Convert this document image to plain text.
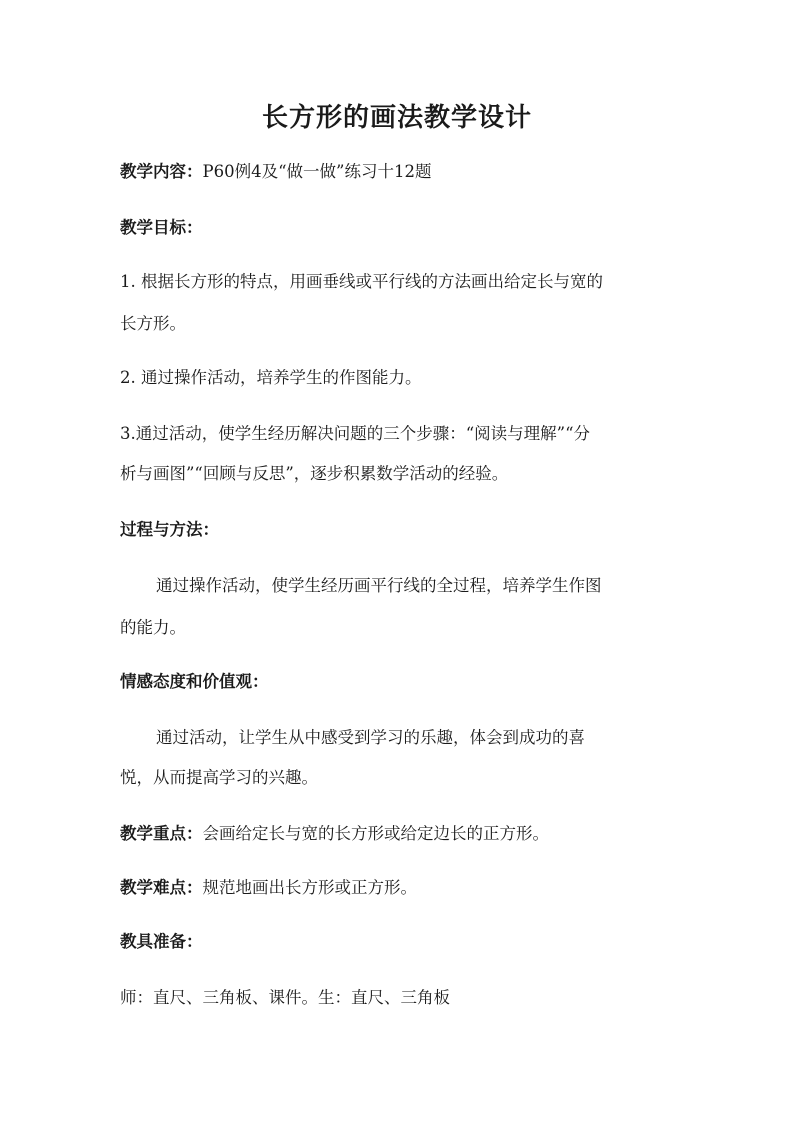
长方形的画法教学设计
教学内容：P60例4及“做一做”练习十12题
教学目标：
1. 根据长方形的特点，用画垂线或平行线的方法画出给定长与宽的
长方形。
2. 通过操作活动，培养学生的作图能力。
3.通过活动，使学生经历解决问题的三个步骤：“阅读与理解”“分
析与画图”“回顾与反思”，逐步积累数学活动的经验。
过程与方法：
通过操作活动，使学生经历画平行线的全过程，培养学生作图
的能力。
情感态度和价值观：
通过活动，让学生从中感受到学习的乐趣，体会到成功的喜
悦，从而提高学习的兴趣。
教学重点：会画给定长与宽的长方形或给定边长的正方形。
教学难点：规范地画出长方形或正方形。
教具准备：
师：直尺、三角板、课件。生：直尺、三角板
